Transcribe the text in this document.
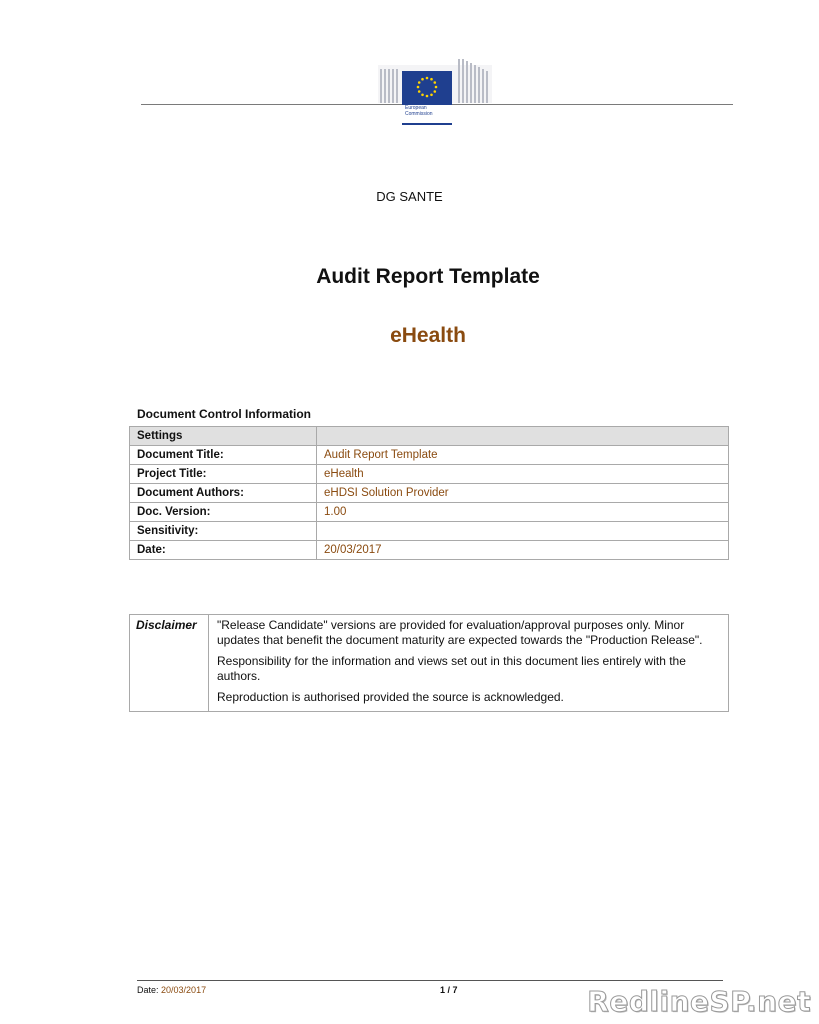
European
Commission
DG SANTE
Audit Report Template
eHealth
Document Control Information
Settings	
Document Title:	Audit Report Template
Project Title:	eHealth
Document Authors:	eHDSI Solution Provider
Doc. Version:	1.00
Sensitivity:	
Date:	20/03/2017
Disclaimer	"Release Candidate" versions are provided for evaluation/approval purposes only. Minor updates that benefit the document maturity are expected towards the "Production Release".

Responsibility for the information and views set out in this document lies entirely with the authors.

Reproduction is authorised provided the source is acknowledged.

Date: 20/03/2017	1 / 7	RedlineSP.net
